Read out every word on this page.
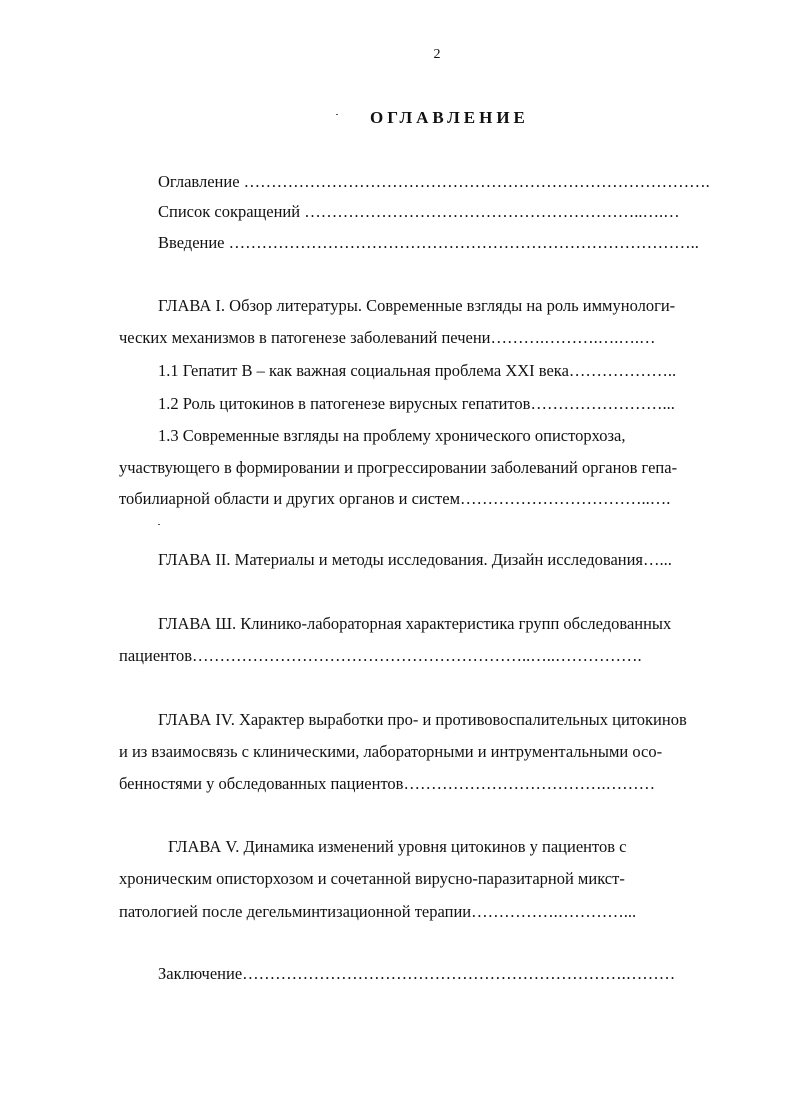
2
ОГЛАВЛЕНИЕ
Оглавление ………………………………………………………………………….
Список сокращений ……………………………………………………..….…
Введение …………………………………………………………………………..
ГЛАВА I. Обзор литературы. Современные взгляды на роль иммунологи-
ческих механизмов в патогенезе заболеваний печени……….……….….….…
1.1 Гепатит В – как важная социальная проблема XXI века………………..
1.2 Роль цитокинов в патогенезе вирусных гепатитов……………………...
1.3 Современные взгляды на проблему хронического описторхоза,
участвующего в формировании и прогрессировании заболеваний органов гепа-
тобилиарной области и других органов и систем……………………………..….
ГЛАВА II. Материалы и методы исследования. Дизайн исследования…...
ГЛАВА Ш. Клинико-лабораторная характеристика групп обследованных
пациентов……………………………………………………..…..…………….
ГЛАВА IV. Характер выработки про- и противовоспалительных цитокинов
и из взаимосвязь с клиническими, лабораторными и интрументальными осо-
бенностями у обследованных пациентов……………………………….………
ГЛАВА V. Динамика изменений уровня цитокинов у пациентов с
хроническим описторхозом и сочетанной вирусно-паразитарной микст-
патологией после дегельминтизационной терапии…………….…………...
Заключение…………………………………………………………….………
